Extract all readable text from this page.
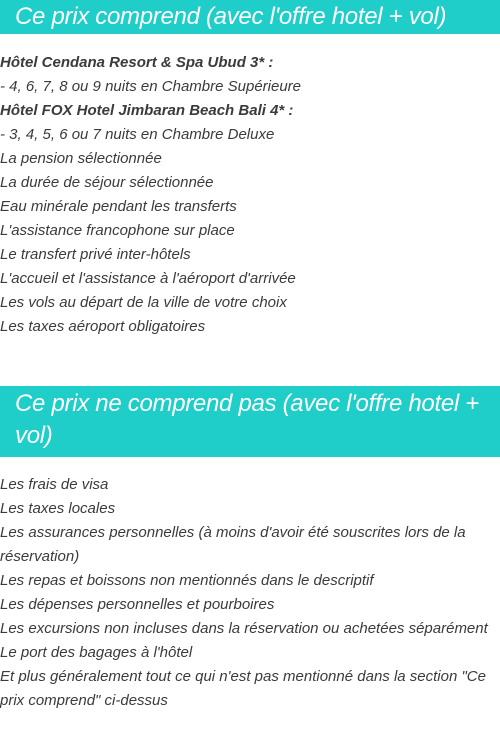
Ce prix comprend (avec l'offre hotel + vol)
Hôtel Cendana Resort & Spa Ubud 3* :
- 4, 6, 7, 8 ou 9 nuits en Chambre Supérieure
Hôtel FOX Hotel Jimbaran Beach Bali 4* :
- 3, 4, 5, 6 ou 7 nuits en Chambre Deluxe
La pension sélectionnée
La durée de séjour sélectionnée
Eau minérale pendant les transferts
L'assistance francophone sur place
Le transfert privé inter-hôtels
L'accueil et l'assistance à l'aéroport d'arrivée
Les vols au départ de la ville de votre choix
Les taxes aéroport obligatoires
Ce prix ne comprend pas (avec l'offre hotel + vol)
Les frais de visa
Les taxes locales
Les assurances personnelles (à moins d'avoir été souscrites lors de la réservation)
Les repas et boissons non mentionnés dans le descriptif
Les dépenses personnelles et pourboires
Les excursions non incluses dans la réservation ou achetées séparément
Le port des bagages à l'hôtel
Et plus généralement tout ce qui n'est pas mentionné dans la section "Ce prix comprend" ci-dessus
